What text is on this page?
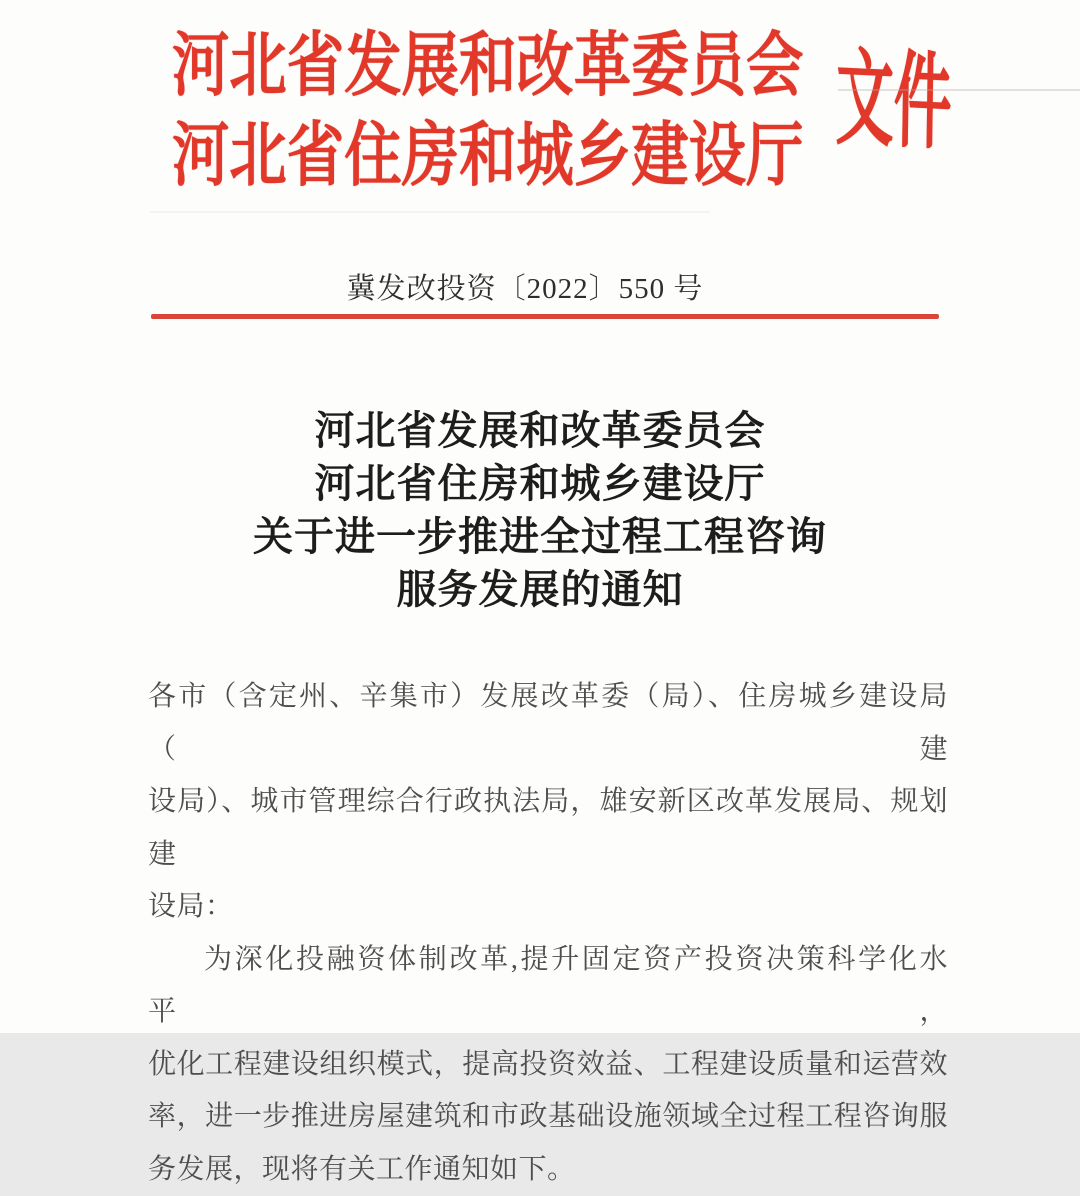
河北省发展和改革委员会
河北省住房和城乡建设厅 文件
冀发改投资〔2022〕550 号
河北省发展和改革委员会
河北省住房和城乡建设厅
关于进一步推进全过程工程咨询
服务发展的通知
各市（含定州、辛集市）发展改革委（局）、住房城乡建设局（建
设局）、城市管理综合行政执法局，雄安新区改革发展局、规划建
设局：
为深化投融资体制改革,提升固定资产投资决策科学化水平，
优化工程建设组织模式，提高投资效益、工程建设质量和运营效
率，进一步推进房屋建筑和市政基础设施领域全过程工程咨询服
务发展，现将有关工作通知如下。
